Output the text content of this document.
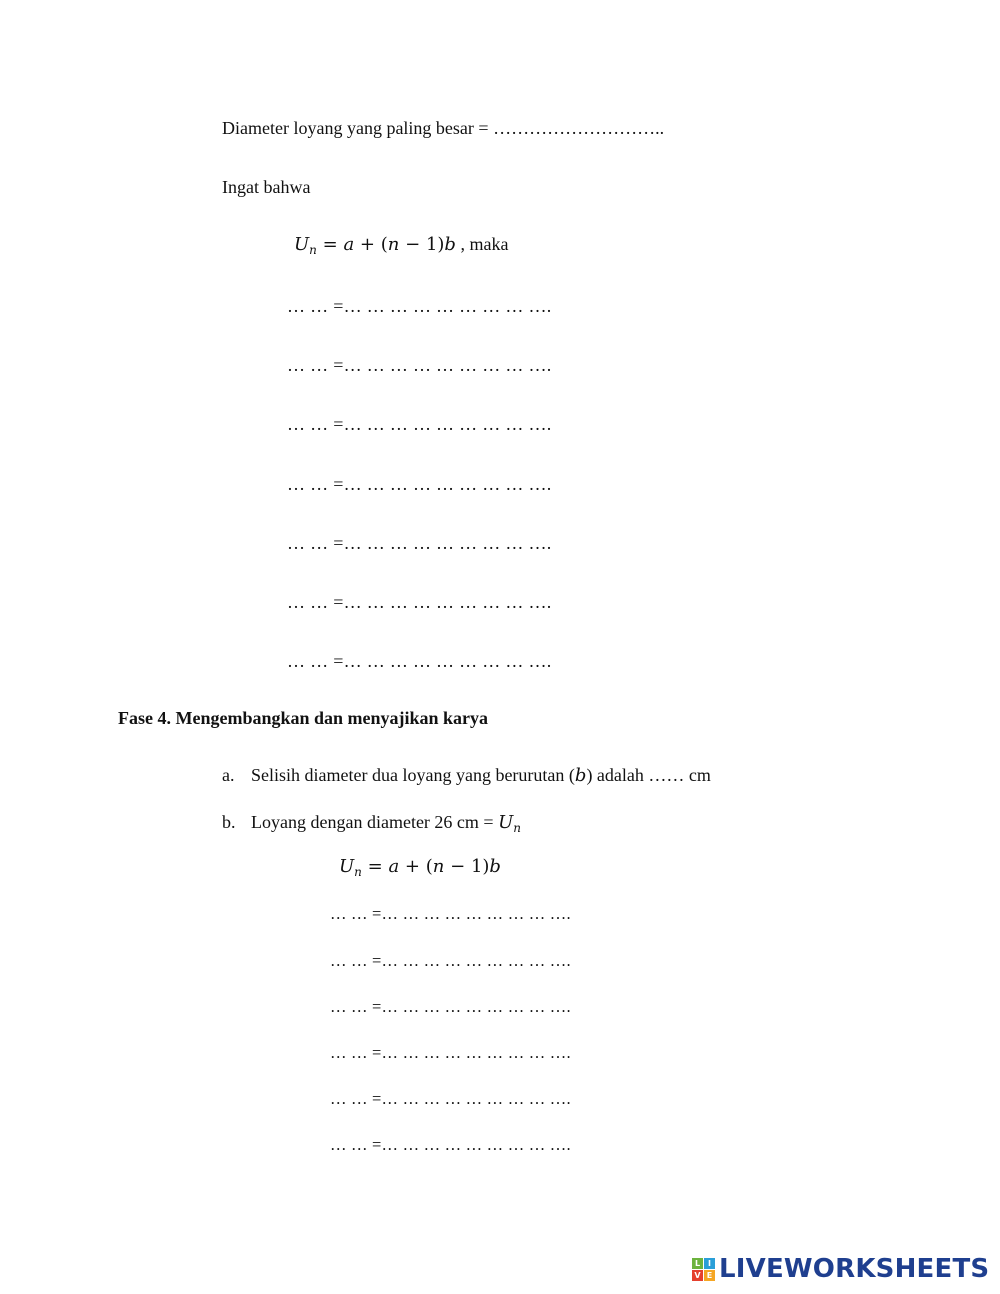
Diameter loyang yang paling besar = ………………………..
Ingat bahwa
$U_n = a + (n - 1)b$ , maka
… … =… … … … … … … … ….
… … =… … … … … … … … ….
… … =… … … … … … … … ….
… … =… … … … … … … … ….
… … =… … … … … … … … ….
… … =… … … … … … … … ….
… … =… … … … … … … … ….
Fase 4. Mengembangkan dan menyajikan karya
a. Selisih diameter dua loyang yang berurutan (b) adalah …… cm
b. Loyang dengan diameter 26 cm = $U_n$
$U_n = a + (n - 1)b$
… … =… … … … … … … … ….
… … =… … … … … … … … ….
… … =… … … … … … … … ….
… … =… … … … … … … … ….
… … =… … … … … … … … ….
… … =… … … … … … … … ….
L I
V E LIVEWORKSHEETS
